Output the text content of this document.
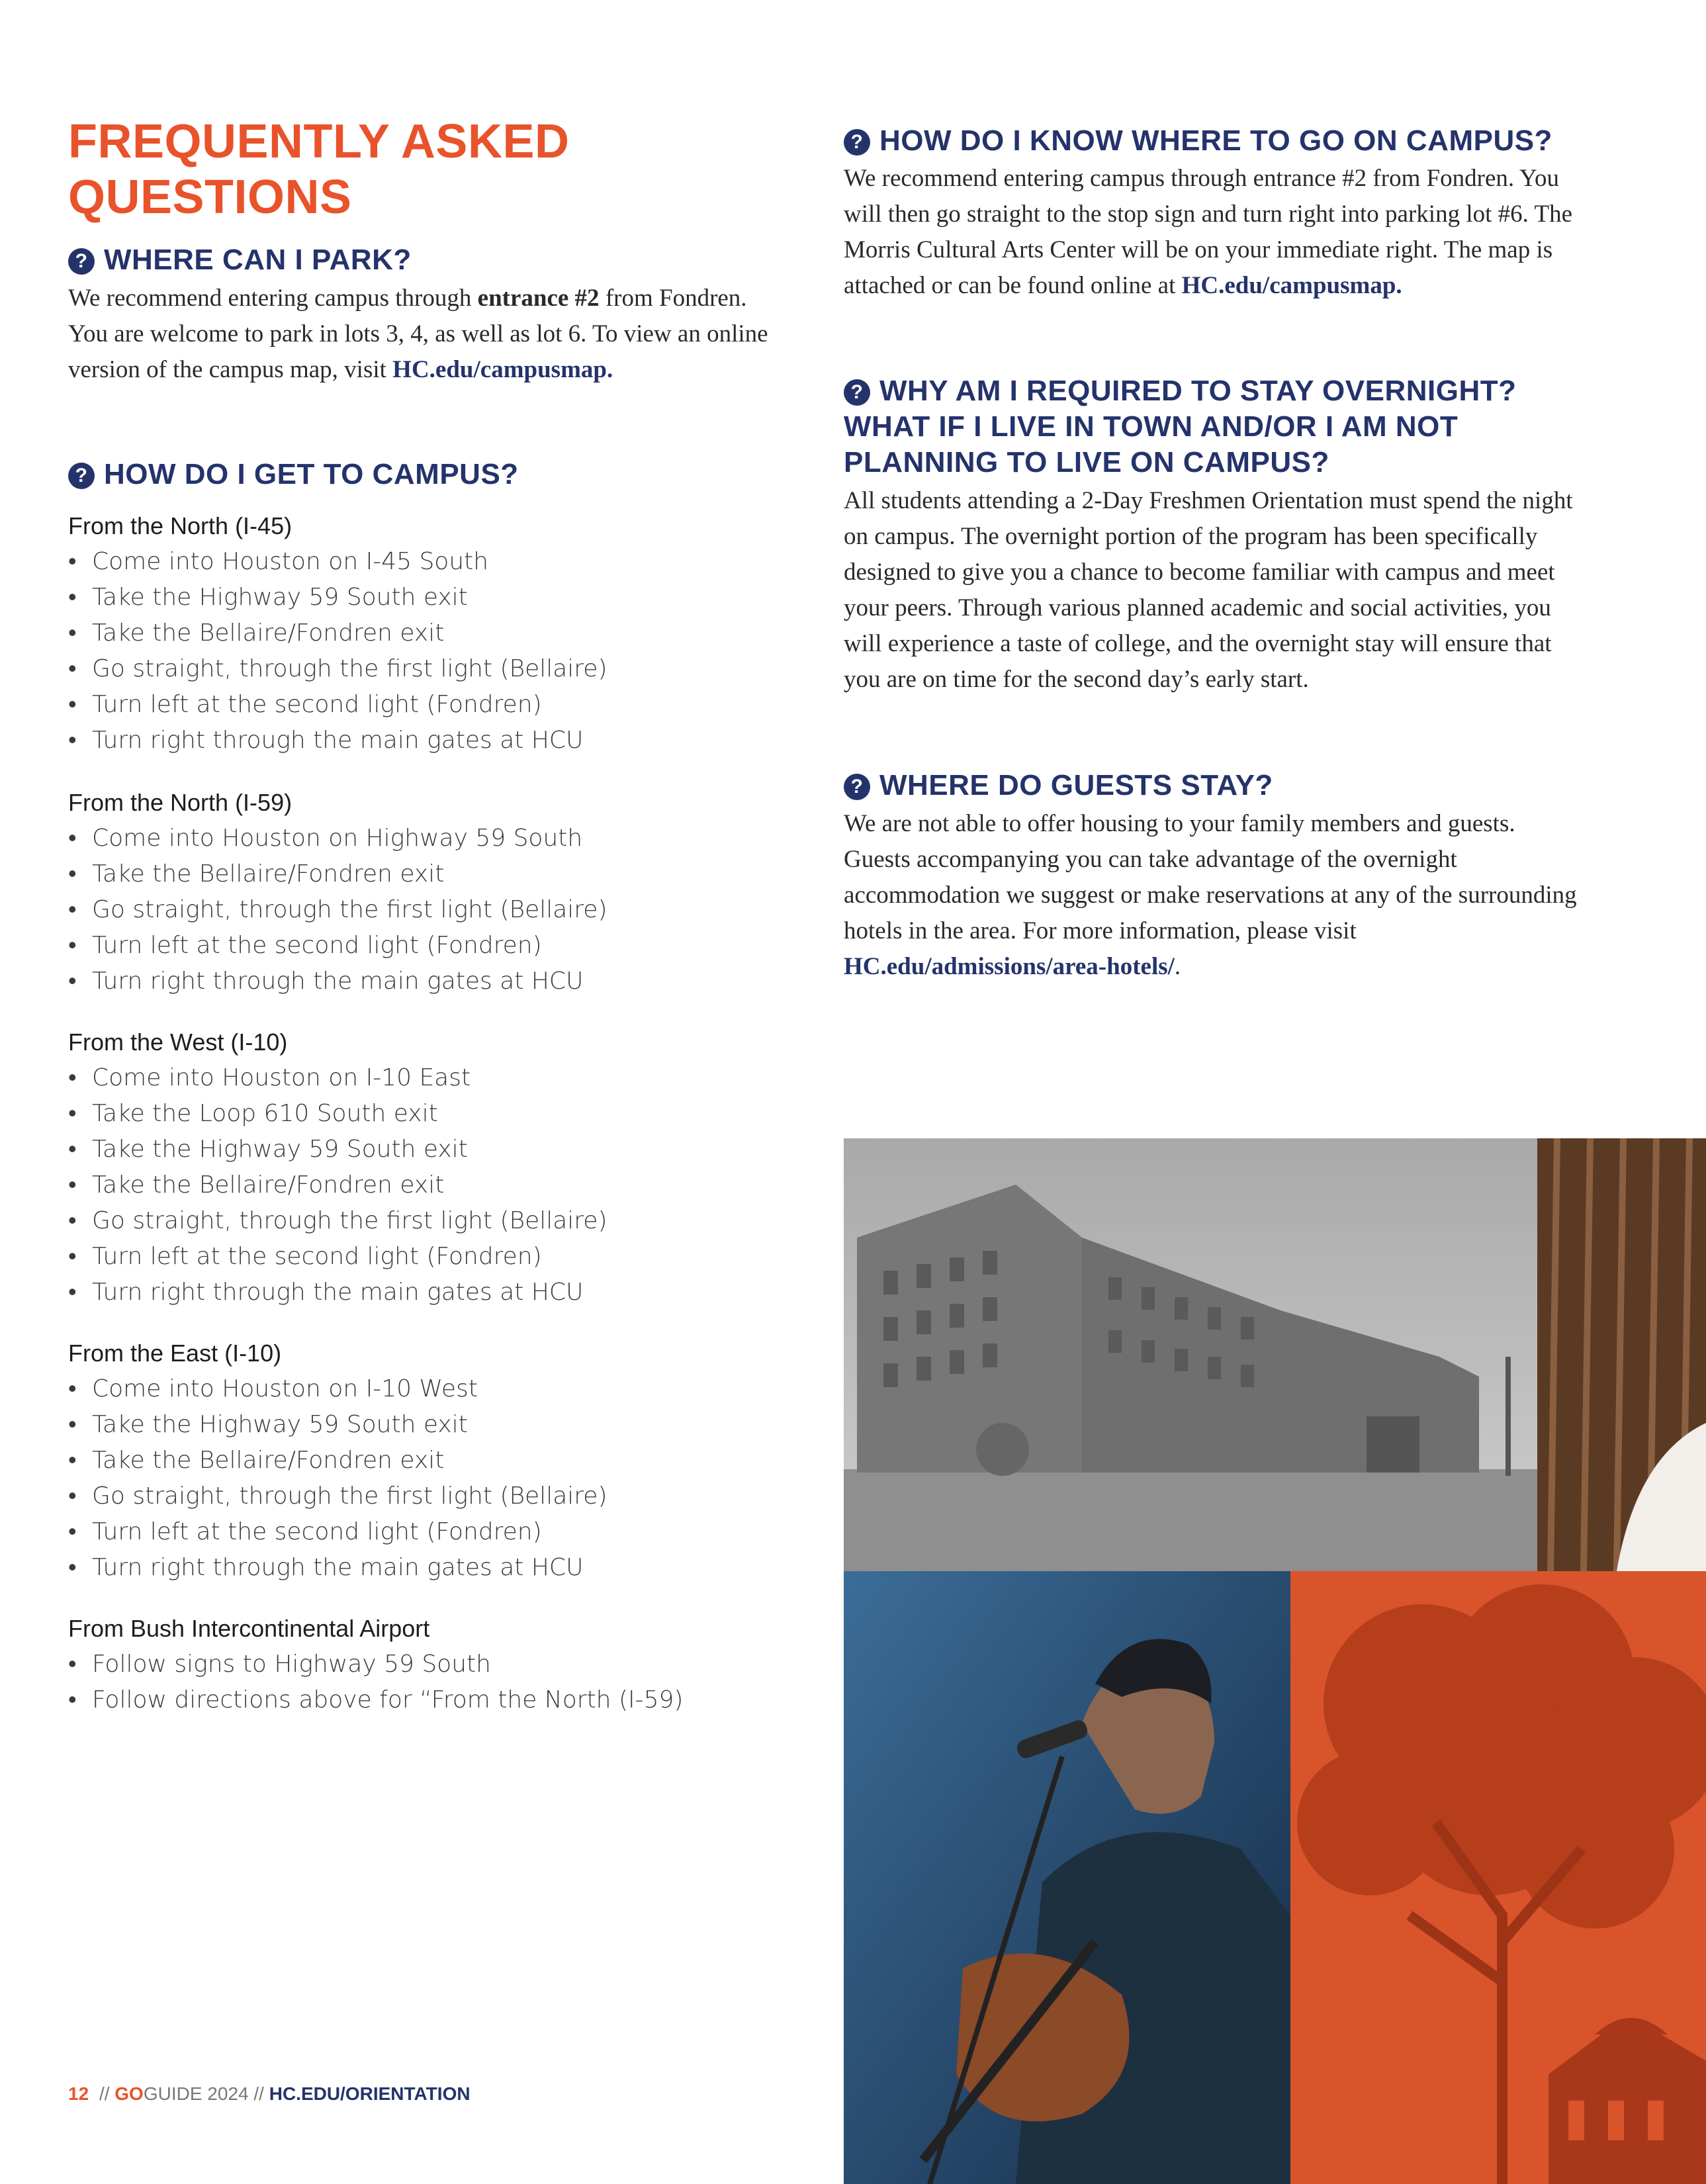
FREQUENTLY ASKED
QUESTIONS
? WHERE CAN I PARK?
We recommend entering campus through entrance #2 from Fondren. You are welcome to park in lots 3, 4, as well as lot 6. To view an online version of the campus map, visit HC.edu/campusmap.
? HOW DO I GET TO CAMPUS?
From the North (I-45)
• Come into Houston on I-45 South
• Take the Highway 59 South exit
• Take the Bellaire/Fondren exit
• Go straight, through the first light (Bellaire)
• Turn left at the second light (Fondren)
• Turn right through the main gates at HCU
From the North (I-59)
• Come into Houston on Highway 59 South
• Take the Bellaire/Fondren exit
• Go straight, through the first light (Bellaire)
• Turn left at the second light (Fondren)
• Turn right through the main gates at HCU
From the West (I-10)
• Come into Houston on I-10 East
• Take the Loop 610 South exit
• Take the Highway 59 South exit
• Take the Bellaire/Fondren exit
• Go straight, through the first light (Bellaire)
• Turn left at the second light (Fondren)
• Turn right through the main gates at HCU
From the East (I-10)
• Come into Houston on I-10 West
• Take the Highway 59 South exit
• Take the Bellaire/Fondren exit
• Go straight, through the first light (Bellaire)
• Turn left at the second light (Fondren)
• Turn right through the main gates at HCU
From Bush Intercontinental Airport
• Follow signs to Highway 59 South
• Follow directions above for “From the North (I-59)
? HOW DO I KNOW WHERE TO GO ON CAMPUS?
We recommend entering campus through entrance #2 from Fondren. You will then go straight to the stop sign and turn right into parking lot #6. The Morris Cultural Arts Center will be on your immediate right. The map is attached or can be found online at HC.edu/campusmap.
? WHY AM I REQUIRED TO STAY OVERNIGHT?
WHAT IF I LIVE IN TOWN AND/OR I AM NOT
PLANNING TO LIVE ON CAMPUS?
All students attending a 2-Day Freshmen Orientation must spend the night on campus. The overnight portion of the program has been specifically designed to give you a chance to become familiar with campus and meet your peers. Through various planned academic and social activities, you will experience a taste of college, and the overnight stay will ensure that you are on time for the second day’s early start.
? WHERE DO GUESTS STAY?
We are not able to offer housing to your family members and guests. Guests accompanying you can take advantage of the overnight accommodation we suggest or make reservations at any of the surrounding hotels in the area. For more information, please visit HC.edu/admissions/area-hotels/.
12 // GOGUIDE 2024 // HC.EDU/ORIENTATION
